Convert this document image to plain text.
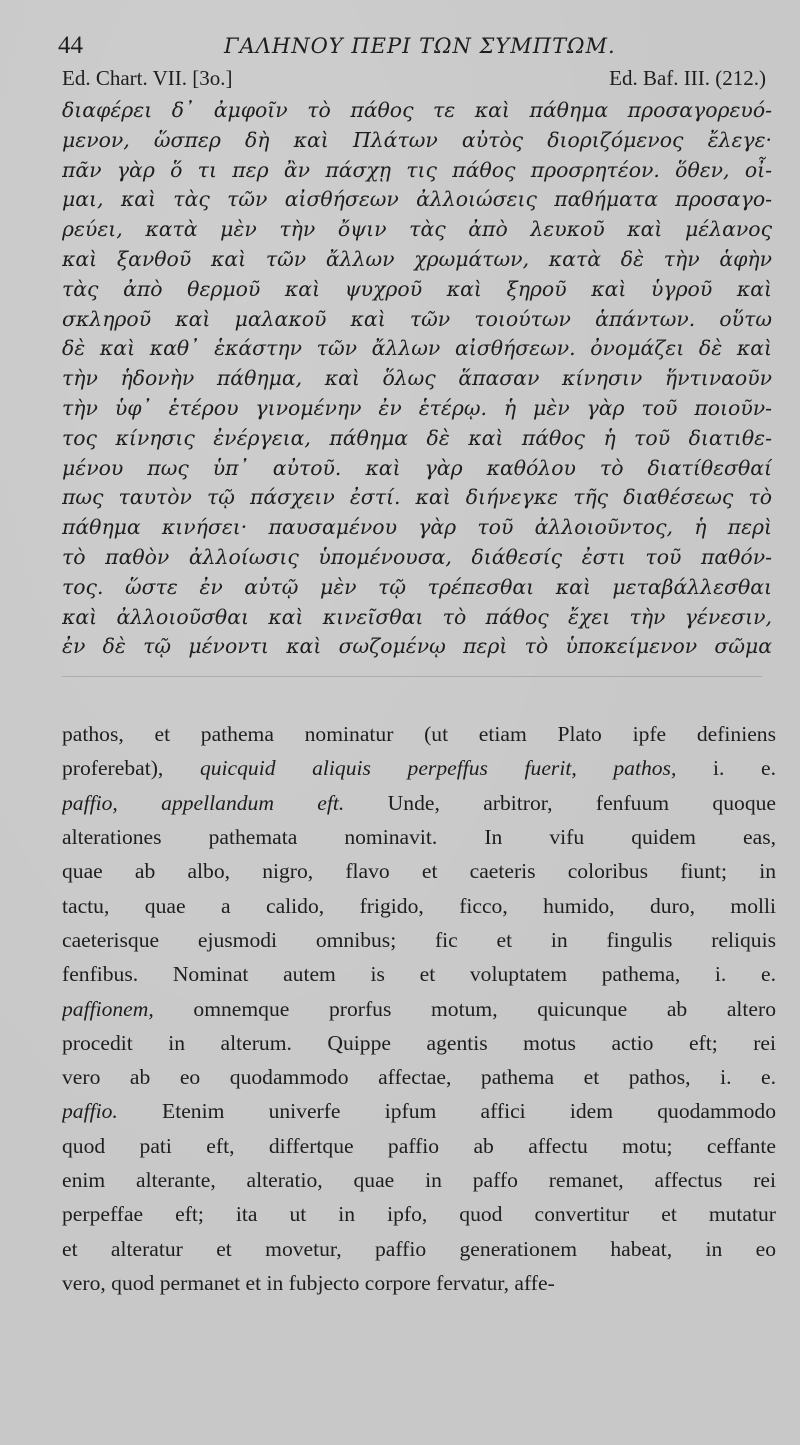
44	ΓΑΛΗΝΟΥ ΠΕΡΙ ΤΩΝ ΣΥΜΠΤΩΜ.
Ed. Chart. VII. [3o.]	Ed. Baf. III. (212.)
διαφέρει δ᾽ ἀμφοῖν τὸ πάθος τε καὶ πάθημα προσαγορευό-
μενον, ὥσπερ δὴ καὶ Πλάτων αὐτὸς διοριζόμενος ἔλεγε·
πᾶν γὰρ ὅ τι περ ἂν πάσχῃ τις πάθος προσρητέον. ὅθεν, οἶ-
μαι, καὶ τὰς τῶν αἰσθήσεων ἀλλοιώσεις παθήματα προσαγο-
ρεύει, κατὰ μὲν τὴν ὄψιν τὰς ἀπὸ λευκοῦ καὶ μέλανος
καὶ ξανθοῦ καὶ τῶν ἄλλων χρωμάτων, κατὰ δὲ τὴν ἁφὴν
τὰς ἀπὸ θερμοῦ καὶ ψυχροῦ καὶ ξηροῦ καὶ ὑγροῦ καὶ
σκληροῦ καὶ μαλακοῦ καὶ τῶν τοιούτων ἁπάντων. οὕτω
δὲ καὶ καθ᾽ ἑκάστην τῶν ἄλλων αἰσθήσεων. ὀνομάζει δὲ καὶ
τὴν ἡδονὴν πάθημα, καὶ ὅλως ἅπασαν κίνησιν ἥντιναοῦν
τὴν ὑφ᾽ ἑτέρου γινομένην ἐν ἑτέρῳ. ἡ μὲν γὰρ τοῦ ποιοῦν-
τος κίνησις ἐνέργεια, πάθημα δὲ καὶ πάθος ἡ τοῦ διατιθε-
μένου πως ὑπ᾽ αὐτοῦ. καὶ γὰρ καθόλου τὸ διατίθεσθαί
πως ταυτὸν τῷ πάσχειν ἐστί. καὶ διήνεγκε τῆς διαθέσεως τὸ
πάθημα κινήσει· παυσαμένου γὰρ τοῦ ἀλλοιοῦντος, ἡ περὶ
τὸ παθὸν ἀλλοίωσις ὑπομένουσα, διάθεσίς ἐστι τοῦ παθόν-
τος. ὥστε ἐν αὐτῷ μὲν τῷ τρέπεσθαι καὶ μεταβάλλεσθαι
καὶ ἀλλοιοῦσθαι καὶ κινεῖσθαι τὸ πάθος ἔχει τὴν γένεσιν,
ἐν δὲ τῷ μένοντι καὶ σωζομένῳ περὶ τὸ ὑποκείμενον σῶμα
pathos, et pathema nominatur (ut etiam Plato ipfe definiens
proferebat), quicquid aliquis perpeffus fuerit, pathos, i. e.
paffio, appellandum eft. Unde, arbitror, fenfuum quoque
alterationes pathemata nominavit. In vifu quidem eas,
quae ab albo, nigro, flavo et caeteris coloribus fiunt; in
tactu, quae a calido, frigido, ficco, humido, duro, molli
caeterisque ejusmodi omnibus; fic et in fingulis reliquis
fenfibus. Nominat autem is et voluptatem pathema, i. e.
paffionem, omnemque prorfus motum, quicunque ab altero
procedit in alterum. Quippe agentis motus actio eft; rei
vero ab eo quodammodo affectae, pathema et pathos, i. e.
paffio. Etenim univerfe ipfum affici idem quodammodo
quod pati eft, differtque paffio ab affectu motu; ceffante
enim alterante, alteratio, quae in paffo remanet, affectus rei
perpeffae eft; ita ut in ipfo, quod convertitur et mutatur
et alteratur et movetur, paffio generationem habeat, in eo
vero, quod permanet et in fubjecto corpore fervatur, affe-
